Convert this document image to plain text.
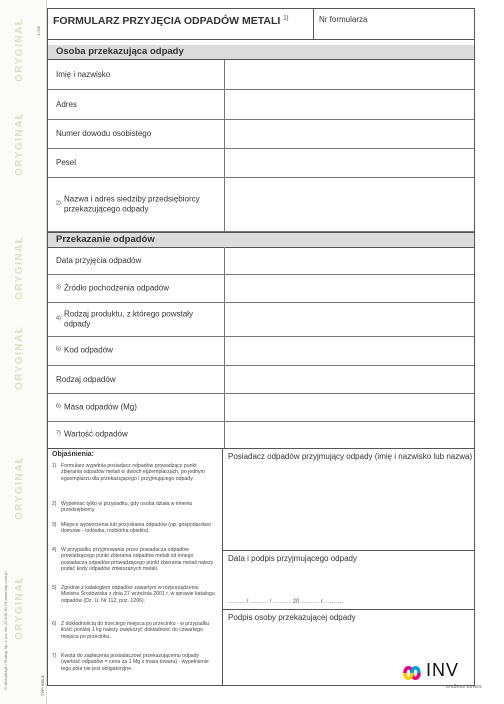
ORYGINAŁ
ORYGINAŁ
ORYGINAŁ
ORYGINAŁ
ORYGINAŁ
ORYGINAŁ
1-039
© Michalczyk i Prokop Sp. z o.o. tel. 22 640 30 74 www.mip.com.pl	TYP: 693-5
FORMULARZ PRZYJĘCIA ODPADÓW METALI $^{1)}$	Nr formularza
Osoba przekazująca odpady
Imię i nazwisko
Adres
Numer dowodu osobistego
Pesel
Nazwa i adres siedziby przedsiębiorcy przekazującego odpady
$^{2)}$
Przekazanie odpadów
Data przyjęcia odpadów
Źródło pochodzenia odpadów
$^{3)}$
Rodzaj produktu, z którego powstały odpady
$^{4)}$
Kod odpadów
$^{5)}$
Rodzaj odpadów
Masa odpadów (Mg)
$^{6)}$
Wartość odpadów
$^{7)}$
Objaśnienia:
1) Formularz wypełnia posiadacz odpadów prowadzący punkt zbierania odpadów metali w dwóch egzemplarzach, po jednym egzemplarzu dla przekazującego i przyjmującego odpady.
2) Wypełniać tylko w przypadku, gdy osoba działa w imieniu przedsiębiorcy.
3) Miejsce wytworzenia lub pozyskania odpadów (np. gospodarstwo domowe - lodówka, rozbiórka obiektu).
4) W przypadku przyjmowania przez posiadacza odpadów prowadzącego punkt zbierania odpadów metali od innego posiadacza odpadów prowadzącego punkt zbierania metali należy podać kody odpadów zmieszanych metali.
5) Zgodnie z katalogiem odpadów zawartym w rozporządzeniu Ministra Środowiska z dnia 27 września 2001 r. w sprawie katalogu odpadów (Dz. U. Nr 112, poz. 1206).
6) Z dokładnością do trzeciego miejsca po przecinku - w przypadku ilości poniżej 1 kg należy zwiększyć dokładność do czwartego miejsca po przecinku.
7) Kwota do zapłacenia posiadaczowi przekazującemu odpady (wartość odpadów = cena za 1 Mg x masa towaru) - wypełnienie tego pola nie jest obligatoryjne.
Posiadacz odpadów przyjmujący odpady (imię i nazwisko lub nazwa)
Data i podpis przyjmującego odpady
……… / ……… / ……… 20 ……… r. ………
Podpis osoby przekazującej odpady
INV
endless toners
